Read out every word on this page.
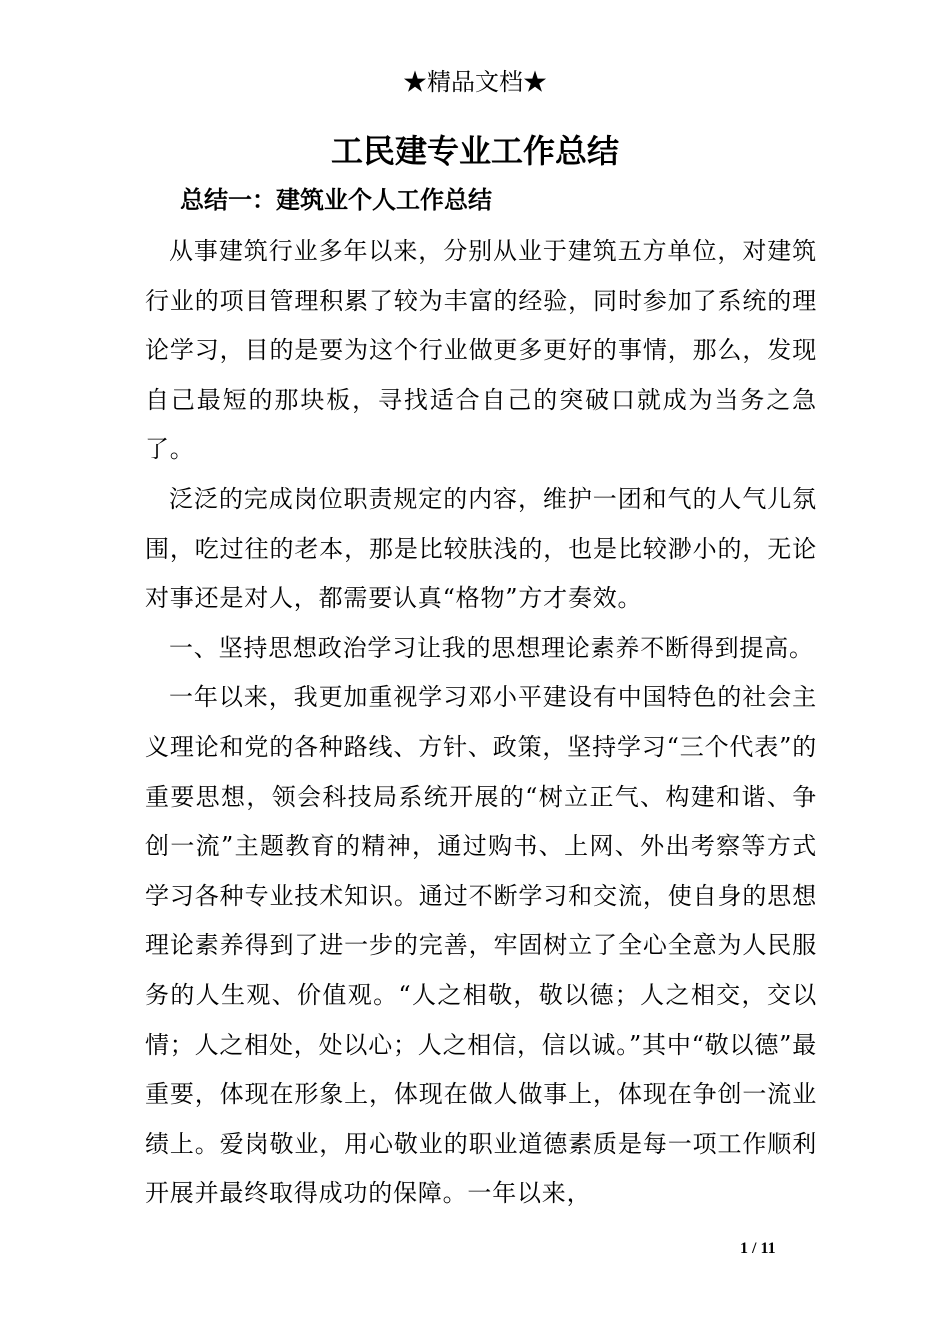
★精品文档★
工民建专业工作总结
总结一：建筑业个人工作总结

从事建筑行业多年以来，分别从业于建筑五方单位，对建筑行业的项目管理积累了较为丰富的经验，同时参加了系统的理论学习，目的是要为这个行业做更多更好的事情，那么，发现自己最短的那块板，寻找适合自己的突破口就成为当务之急了。

泛泛的完成岗位职责规定的内容，维护一团和气的人气儿氛围，吃过往的老本，那是比较肤浅的，也是比较渺小的，无论对事还是对人，都需要认真“格物”方才奏效。

一、坚持思想政治学习让我的思想理论素养不断得到提高。

一年以来，我更加重视学习邓小平建设有中国特色的社会主义理论和党的各种路线、方针、政策，坚持学习“三个代表”的重要思想，领会科技局系统开展的“树立正气、构建和谐、争创一流”主题教育的精神，通过购书、上网、外出考察等方式学习各种专业技术知识。通过不断学习和交流，使自身的思想理论素养得到了进一步的完善，牢固树立了全心全意为人民服务的人生观、价值观。“人之相敬，敬以德；人之相交，交以情；人之相处，处以心；人之相信，信以诚。”其中“敬以德”最重要，体现在形象上，体现在做人做事上，体现在争创一流业绩上。爱岗敬业，用心敬业的职业道德素质是每一项工作顺利开展并最终取得成功的保障。一年以来，

1 / 11
